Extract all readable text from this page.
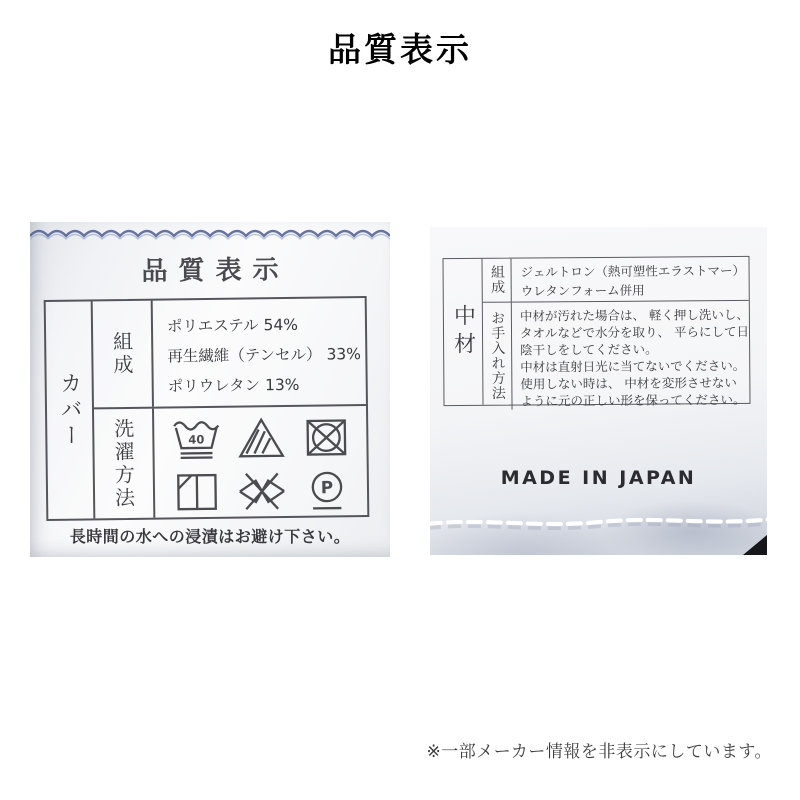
品質表示
品質表示
カバー
組成
ポリエステル 54%
再生繊維（テンセル） 33%
ポリウレタン 13%
洗濯方法	40
P
長時間の水への浸漬はお避け下さい。
中材
組成 ジェルトロン（熱可塑性エラストマー）
ウレタンフォーム併用
お手入れ方法 中材が汚れた場合は、 軽く押し洗いし、
タオルなどで水分を取り、 平らにして日
陰干しをしてください。
中材は直射日光に当てないでください。
使用しない時は、 中材を変形させない
ように元の正しい形を保ってください。
MADE IN JAPAN
※一部メーカー情報を非表示にしています。
